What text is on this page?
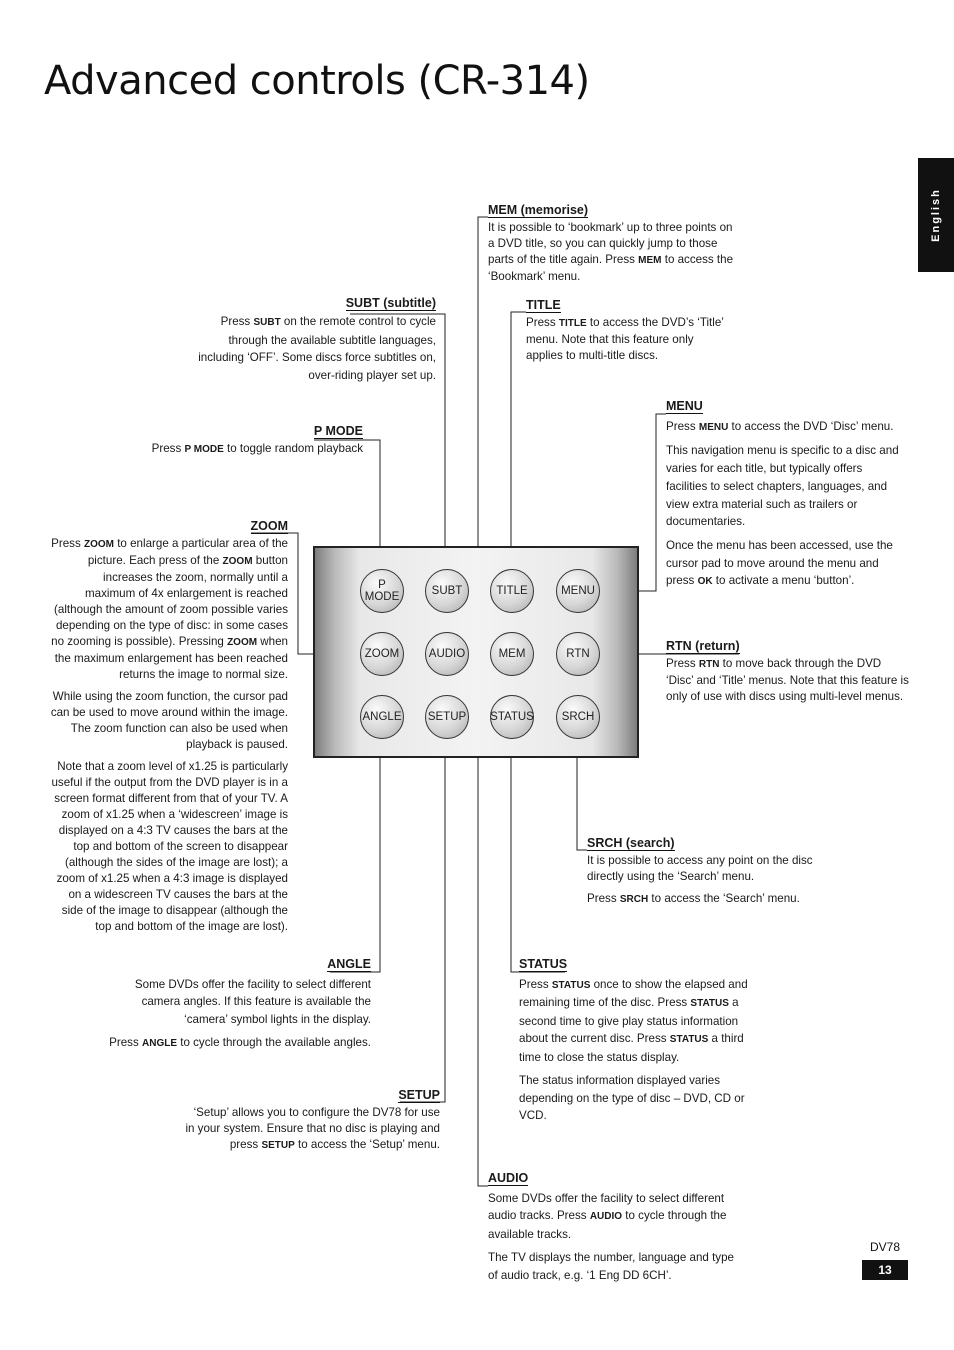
Advanced controls (CR-314)
English
P
MODE	SUBT	TITLE	MENU
ZOOM	AUDIO	MEM	RTN
ANGLE SETUP STATUS SRCH
MEM (memorise)

It is possible to ‘bookmark’ up to three points on a DVD title, so you can quickly jump to those parts of the title again. Press MEM to access the ‘Bookmark’ menu.

SUBT (subtitle)

Press SUBT on the remote control to cycle through the available subtitle languages, including ‘OFF’. Some discs force subtitles on, over-riding player set up.

TITLE

Press TITLE to access the DVD’s ‘Title’ menu. Note that this feature only applies to multi-title discs.

MENU

Press MENU to access the DVD ‘Disc’ menu.

This navigation menu is specific to a disc and varies for each title, but typically offers facilities to select chapters, languages, and view extra material such as trailers or documentaries.

Once the menu has been accessed, use the cursor pad to move around the menu and press OK to activate a menu ‘button’.

P MODE

Press P MODE to toggle random playback

ZOOM

Press ZOOM to enlarge a particular area of the picture. Each press of the ZOOM button increases the zoom, normally until a maximum of 4x enlargement is reached (although the amount of zoom possible varies depending on the type of disc: in some cases no zooming is possible). Pressing ZOOM when the maximum enlargement has been reached returns the image to normal size.

While using the zoom function, the cursor pad can be used to move around within the image. The zoom function can also be used when playback is paused.

Note that a zoom level of x1.25 is particularly useful if the output from the DVD player is in a screen format different from that of your TV. A zoom of x1.25 when a ‘widescreen’ image is displayed on a 4:3 TV causes the bars at the top and bottom of the screen to disappear (although the sides of the image are lost); a zoom of x1.25 when a 4:3 image is displayed on a widescreen TV causes the bars at the side of the image to disappear (although the top and bottom of the image are lost).

RTN (return)

Press RTN to move back through the DVD ‘Disc’ and ‘Title’ menus. Note that this feature is only of use with discs using multi-level menus.

SRCH (search)

It is possible to access any point on the disc directly using the ‘Search’ menu.

Press SRCH to access the ‘Search’ menu.

ANGLE

Some DVDs offer the facility to select different camera angles. If this feature is available the ‘camera’ symbol lights in the display.

Press ANGLE to cycle through the available angles.

STATUS

Press STATUS once to show the elapsed and remaining time of the disc. Press STATUS a second time to give play status information about the current disc. Press STATUS a third time to close the status display.

The status information displayed varies depending on the type of disc – DVD, CD or VCD.

SETUP

‘Setup’ allows you to configure the DV78 for use in your system. Ensure that no disc is playing and press SETUP to access the ‘Setup’ menu.

AUDIO

Some DVDs offer the facility to select different audio tracks. Press AUDIO to cycle through the available tracks.

The TV displays the number, language and type of audio track, e.g. ‘1 Eng DD 6CH’.

DV78
13
